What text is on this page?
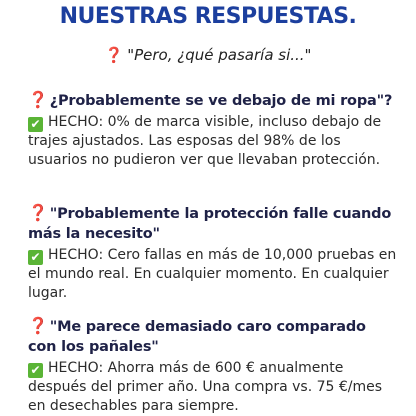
NUESTRAS RESPUESTAS.
❓ "Pero, ¿qué pasaría si..."
❓ ¿Probablemente se ve debajo de mi ropa"?
✔ HECHO: 0% de marca visible, incluso debajo de trajes ajustados. Las esposas del 98% de los usuarios no pudieron ver que llevaban protección.
❓ "Probablemente la protección falle cuando más la necesito"
✔ HECHO: Cero fallas en más de 10,000 pruebas en el mundo real. En cualquier momento. En cualquier lugar.
❓ "Me parece demasiado caro comparado con los pañales"
✔ HECHO: Ahorra más de 600 € anualmente después del primer año. Una compra vs. 75 €/mes en desechables para siempre.
